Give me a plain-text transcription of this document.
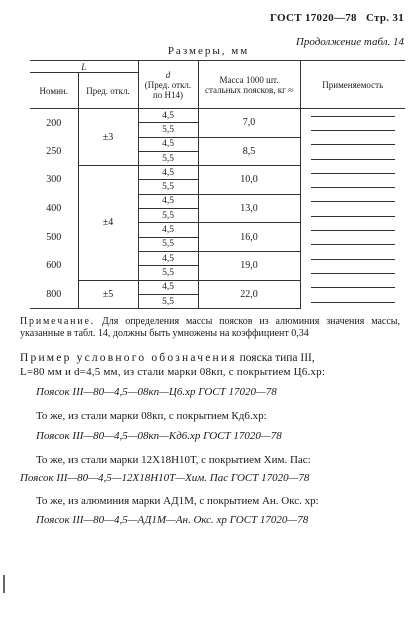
ГОСТ 17020—78 Стр. 31
Продолжение табл. 14
Размеры, мм
L		d
(Пред. откл.
по Н14)	Масса 1000 шт.
стальных поясков, кг ≈	Применяемость
Номин.	Пред. откл.			
200	±3	4,5	7,0	

		5,5		

250		4,5	8,5	

		5,5		

300	±4	4,5	10,0	

		5,5		

400		4,5	13,0	

		5,5		

500		4,5	16,0	

		5,5		

600		4,5	19,0	

		5,5		

800	±5	4,5	22,0	

		5,5		
Примечание. Для определения массы поясков из алюминия значения массы, указанные в табл. 14, должны быть умножены на коэффициент 0,34
Пример условного обозначения пояска типа III,
L=80 мм и d=4,5 мм, из стали марки 08кп, с покрытием Ц6.хр:
Поясок III—80—4,5—08кп—Ц6.хр ГОСТ 17020—78
То же, из стали марки 08кп, с покрытием Кд6.хр:
Поясок III—80—4,5—08кп—Кд6.хр ГОСТ 17020—78
То же, из стали марки 12Х18Н10Т, с покрытием Хим. Пас:
Поясок III—80—4,5—12Х18Н10Т—Хим. Пас ГОСТ 17020—78
То же, из алюминия марки АД1М, с покрытием Ан. Окс. хр:
Поясок III—80—4,5—АД1М—Ан. Окс. хр ГОСТ 17020—78
